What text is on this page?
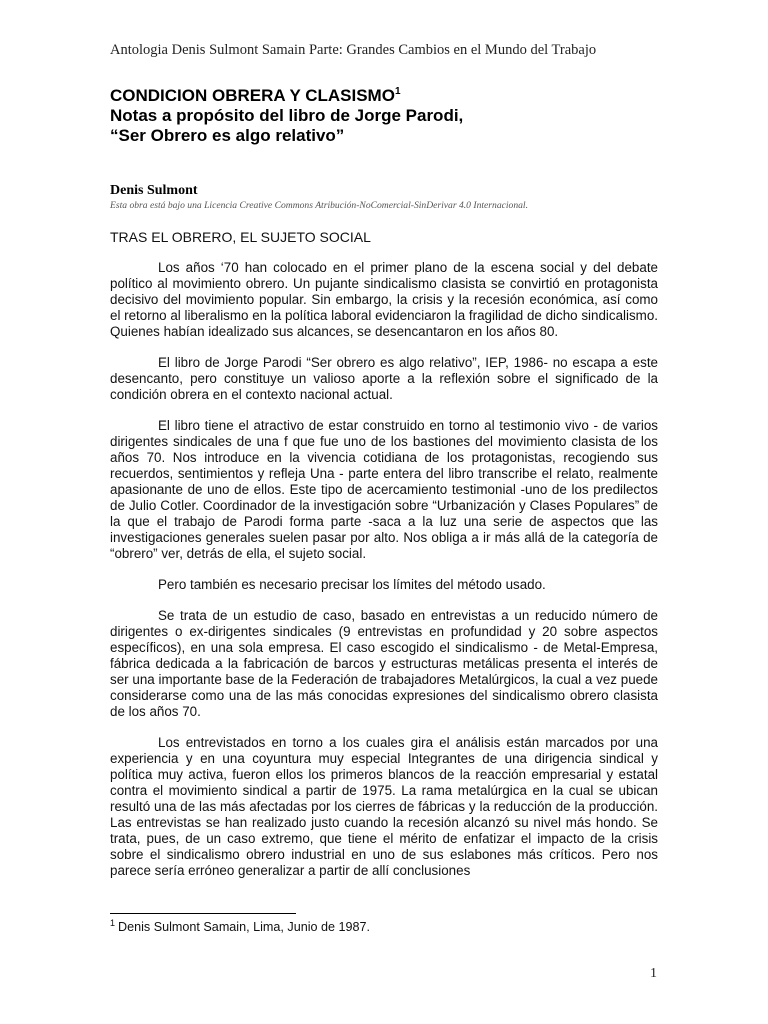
Antologia Denis Sulmont Samain Parte: Grandes Cambios en el Mundo del Trabajo
CONDICION OBRERA Y CLASISMO$^1$
Notas a propósito del libro de Jorge Parodi,
“Ser Obrero es algo relativo”
Denis Sulmont
Esta obra está bajo una Licencia Creative Commons Atribución-NoComercial-SinDerivar 4.0 Internacional.
TRAS EL OBRERO, EL SUJETO SOCIAL

Los años ‘70 han colocado en el primer plano de la escena social y del debate político al movimiento obrero. Un pujante sindicalismo clasista se convirtió en protagonista decisivo del movimiento popular. Sin embargo, la crisis y la recesión económica, así como el retorno al liberalismo en la política laboral evidenciaron la fragilidad de dicho sindicalismo. Quienes habían idealizado sus alcances, se desencantaron en los años 80.

El libro de Jorge Parodi “Ser obrero es algo relativo”, IEP, 1986- no escapa a este desencanto, pero constituye un valioso aporte a la reflexión sobre el significado de la condición obrera en el contexto nacional actual.

El libro tiene el atractivo de estar construido en torno al testimonio vivo - de varios dirigentes sindicales de una f que fue uno de los bastiones del movimiento clasista de los años 70. Nos introduce en la vivencia cotidiana de los protagonistas, recogiendo sus recuerdos, sentimientos y refleja Una - parte entera del libro transcribe el relato, realmente apasionante de uno de ellos. Este tipo de acercamiento testimonial -uno de los predilectos de Julio Cotler. Coordinador de la investigación sobre “Urbanización y Clases Populares” de la que el trabajo de Parodi forma parte -saca a la luz una serie de aspectos que las investigaciones generales suelen pasar por alto. Nos obliga a ir más allá de la categoría de “obrero” ver, detrás de ella, el sujeto social.

Pero también es necesario precisar los límites del método usado.

Se trata de un estudio de caso, basado en entrevistas a un reducido número de dirigentes o ex-dirigentes sindicales (9 entrevistas en profundidad y 20 sobre aspectos específicos), en una sola empresa. El caso escogido el sindicalismo - de Metal-Empresa, fábrica dedicada a la fabricación de barcos y estructuras metálicas presenta el interés de ser una importante base de la Federación de trabajadores Metalúrgicos, la cual a vez puede considerarse como una de las más conocidas expresiones del sindicalismo obrero clasista de los años 70.

Los entrevistados en torno a los cuales gira el análisis están marcados por una experiencia y en una coyuntura muy especial Integrantes de una dirigencia sindical y política muy activa, fueron ellos los primeros blancos de la reacción empresarial y estatal contra el movimiento sindical a partir de 1975. La rama metalúrgica en la cual se ubican resultó una de las más afectadas por los cierres de fábricas y la reducción de la producción. Las entrevistas se han realizado justo cuando la recesión alcanzó su nivel más hondo. Se trata, pues, de un caso extremo, que tiene el mérito de enfatizar el impacto de la crisis sobre el sindicalismo obrero industrial en uno de sus eslabones más críticos. Pero nos parece sería erróneo generalizar a partir de allí conclusiones

$^1$ Denis Sulmont Samain, Lima, Junio de 1987.
1
